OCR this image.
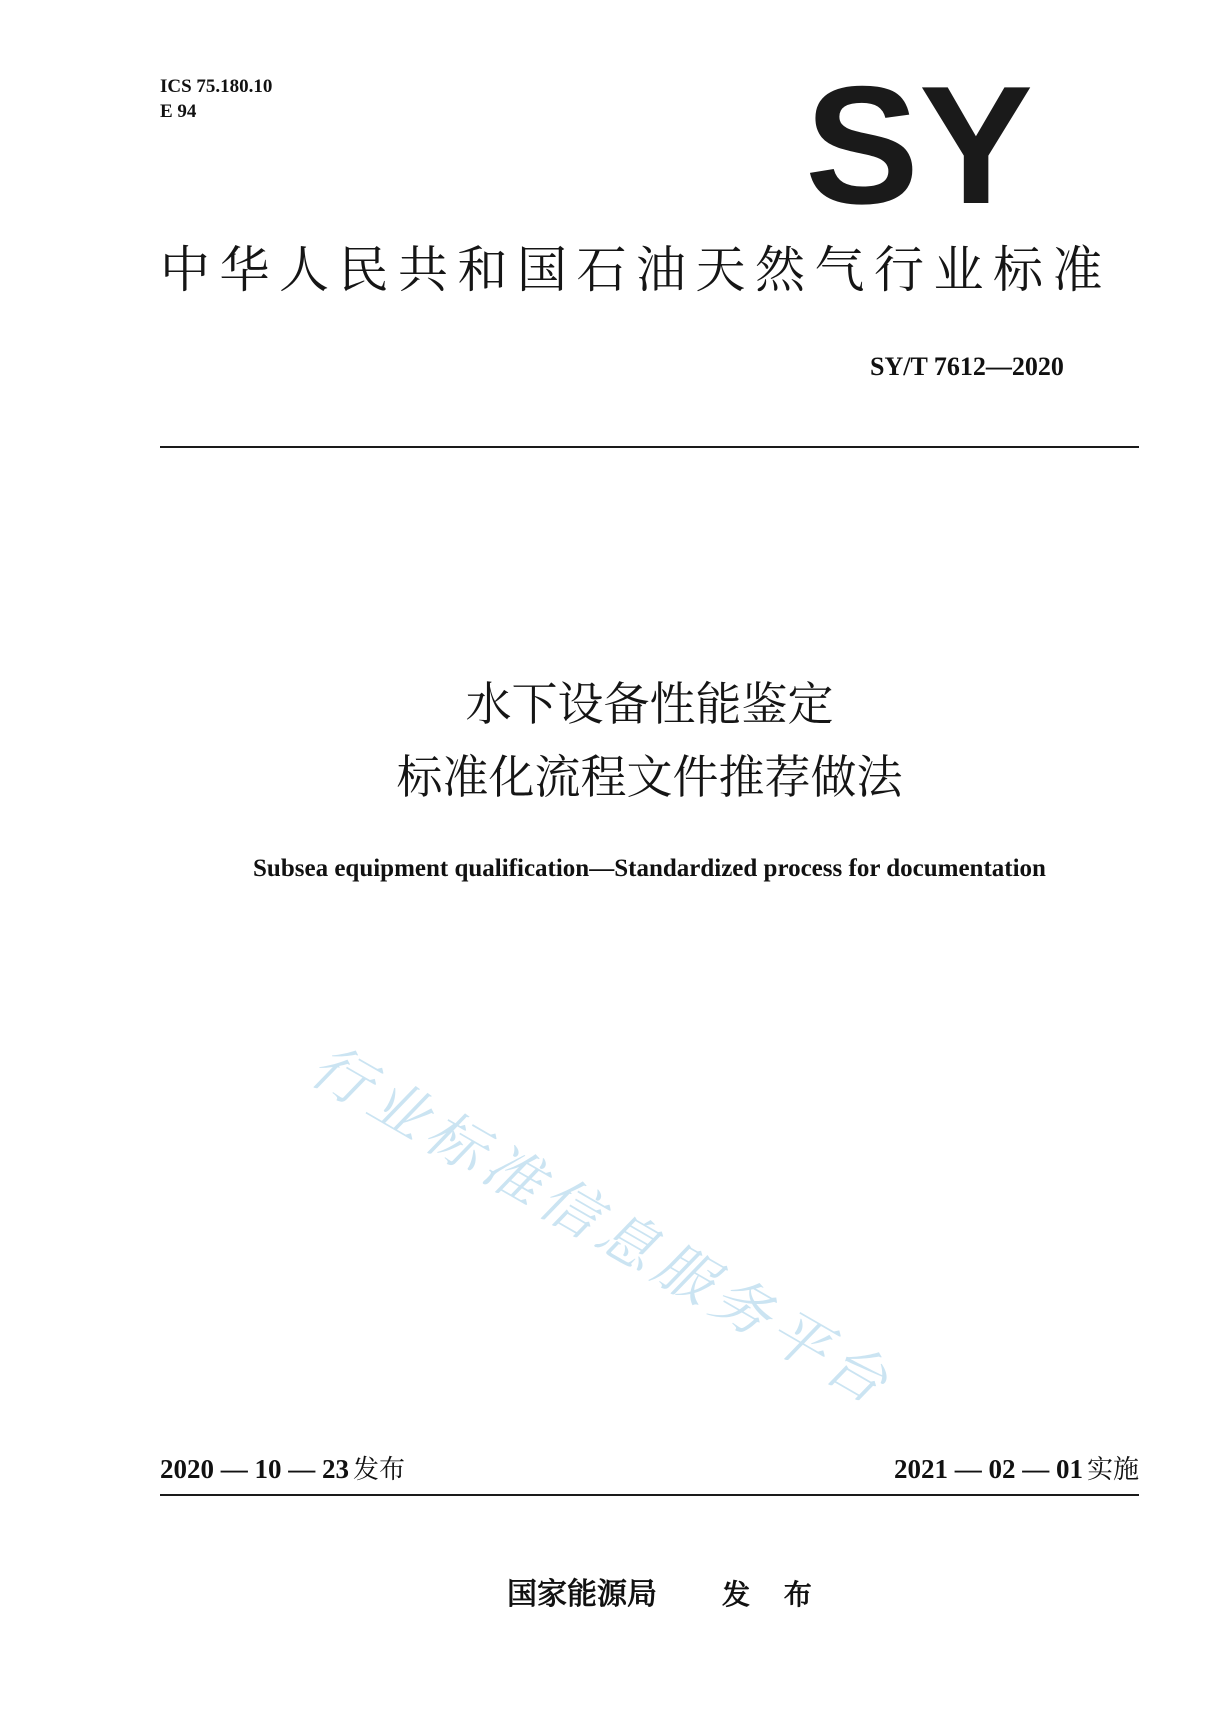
ICS 75.180.10
E 94	SY
中华人民共和国石油天然气行业标准
SY/T 7612—2020
水下设备性能鉴定
标准化流程文件推荐做法
Subsea equipment qualification—Standardized process for documentation
行业标准信息服务平台
2020 — 10 — 23 发布	2021 — 02 — 01 实施
国家能源局 发 布
